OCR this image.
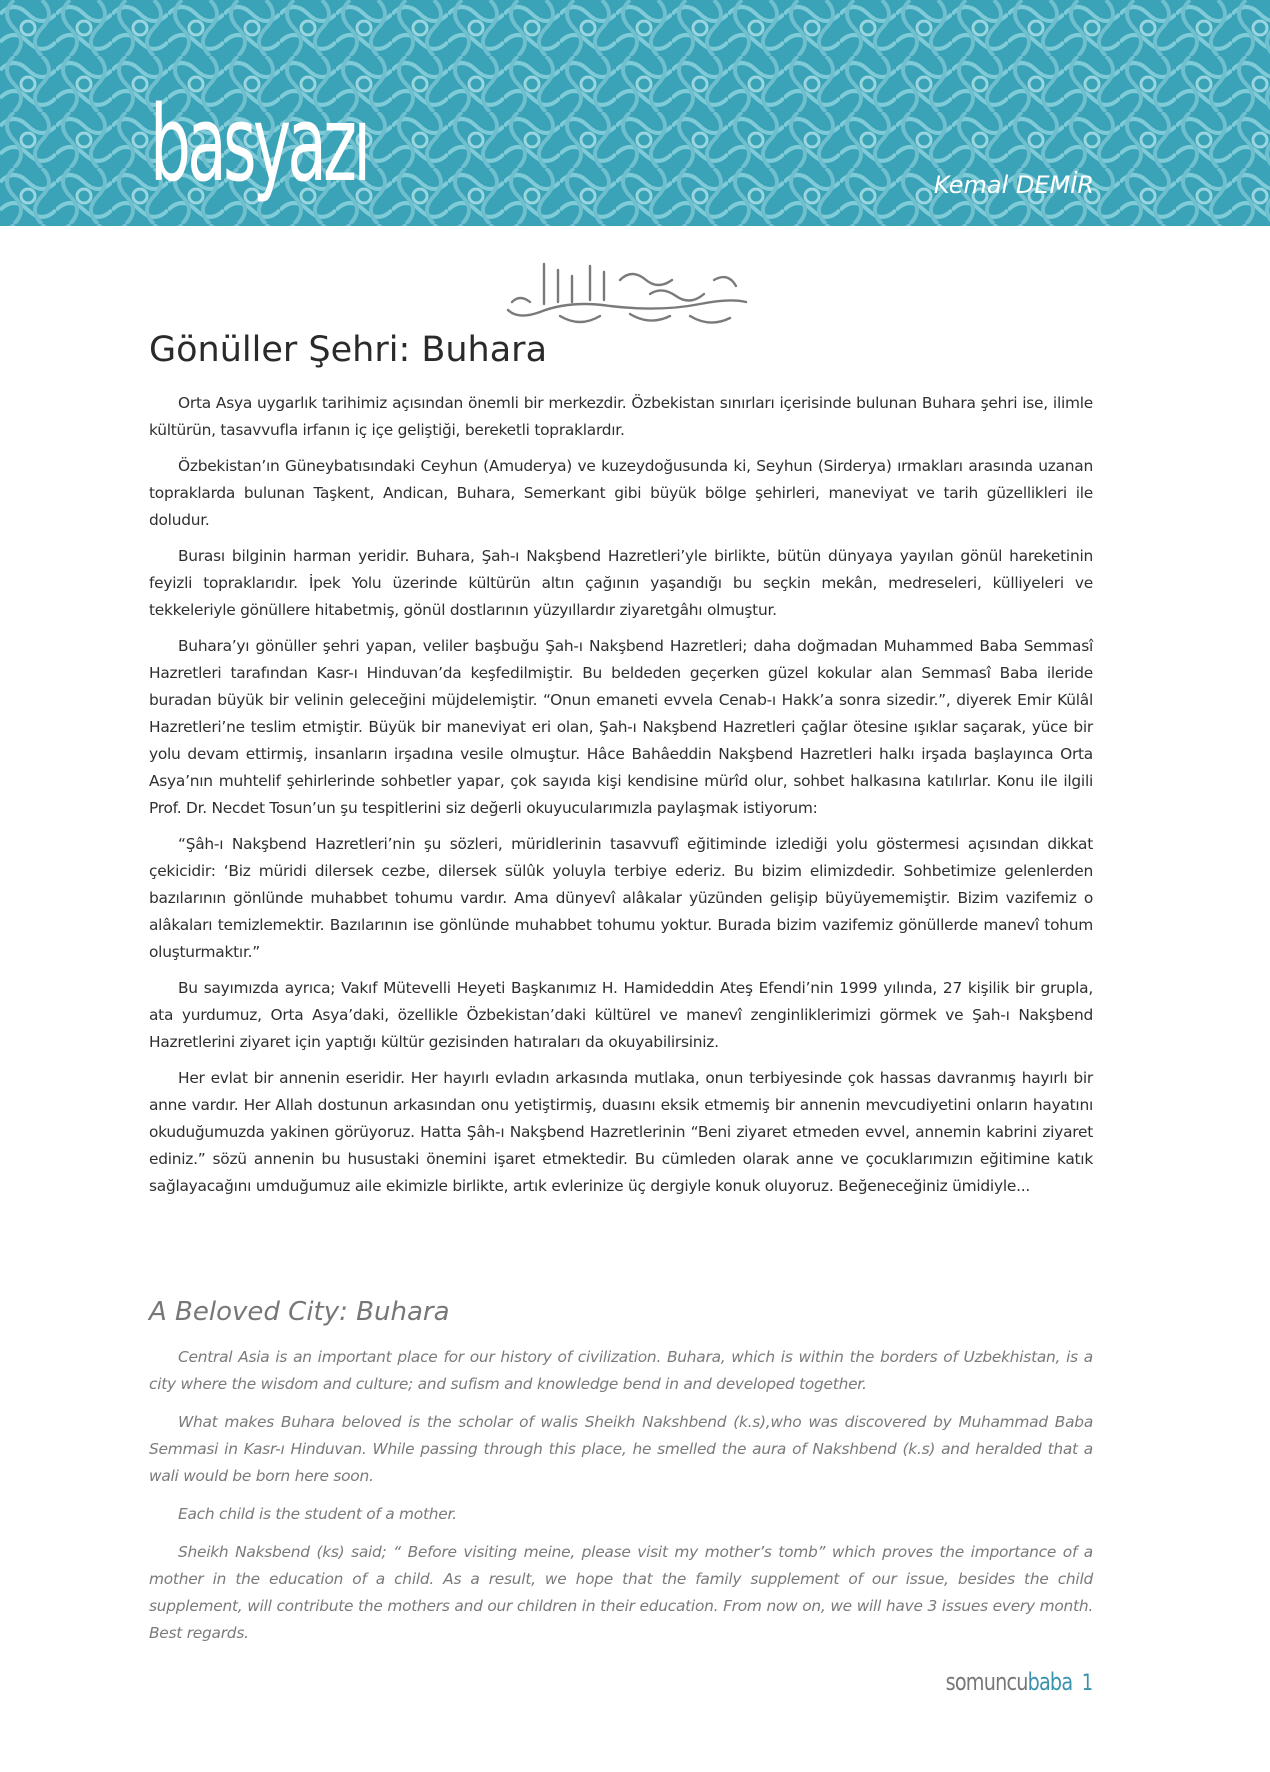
basyazı	Kemal DEMİR
Gönüller Şehri: Buhara

Orta Asya uygarlık tarihimiz açısından önemli bir merkezdir. Özbekistan sınırları içerisinde bulunan Buhara şehri ise, ilimle kültürün, tasavvufla irfanın iç içe geliştiği, bereketli topraklardır.

Özbekistan’ın Güneybatısındaki Ceyhun (Amuderya) ve kuzeydoğusunda ki, Seyhun (Sirderya) ırmakları arasında uzanan topraklarda bulunan Taşkent, Andican, Buhara, Semerkant gibi büyük bölge şehirleri, maneviyat ve tarih güzellikleri ile doludur.

Burası bilginin harman yeridir. Buhara, Şah-ı Nakşbend Hazretleri’yle birlikte, bütün dünyaya yayılan gönül hareketinin feyizli topraklarıdır. İpek Yolu üzerinde kültürün altın çağının yaşandığı bu seçkin mekân, medreseleri, külliyeleri ve tekkeleriyle gönüllere hitabetmiş, gönül dostlarının yüzyıllardır ziyaretgâhı olmuştur.

Buhara’yı gönüller şehri yapan, veliler başbuğu Şah-ı Nakşbend Hazretleri; daha doğmadan Muhammed Baba Semmasî Hazretleri tarafından Kasr-ı Hinduvan’da keşfedilmiştir. Bu beldeden geçerken güzel kokular alan Semmasî Baba ileride buradan büyük bir velinin geleceğini müjdelemiştir. “Onun emaneti evvela Cenab-ı Hakk’a sonra sizedir.”, diyerek Emir Külâl Hazretleri’ne teslim etmiştir. Büyük bir maneviyat eri olan, Şah-ı Nakşbend Hazretleri çağlar ötesine ışıklar saçarak, yüce bir yolu devam ettirmiş, insanların irşadına vesile olmuştur. Hâce Bahâeddin Nakşbend Hazretleri halkı irşada başlayınca Orta Asya’nın muhtelif şehirlerinde sohbetler yapar, çok sayıda kişi kendisine mürîd olur, sohbet halkasına katılırlar. Konu ile ilgili Prof. Dr. Necdet Tosun’un şu tespitlerini siz değerli okuyucularımızla paylaşmak istiyorum:

“Şâh-ı Nakşbend Hazretleri’nin şu sözleri, müridlerinin tasavvufî eğitiminde izlediği yolu göstermesi açısından dikkat çekicidir: ‘Biz müridi dilersek cezbe, dilersek sülûk yoluyla terbiye ederiz. Bu bizim elimizdedir. Sohbetimize gelenlerden bazılarının gönlünde muhabbet tohumu vardır. Ama dünyevî alâkalar yüzünden gelişip büyüyememiştir. Bizim vazifemiz o alâkaları temizlemektir. Bazılarının ise gönlünde muhabbet tohumu yoktur. Burada bizim vazifemiz gönüllerde manevî tohum oluşturmaktır.”

Bu sayımızda ayrıca; Vakıf Mütevelli Heyeti Başkanımız H. Hamideddin Ateş Efendi’nin 1999 yılında, 27 kişilik bir grupla, ata yurdumuz, Orta Asya’daki, özellikle Özbekistan’daki kültürel ve manevî zenginliklerimizi görmek ve Şah-ı Nakşbend Hazretlerini ziyaret için yaptığı kültür gezisinden hatıraları da okuyabilirsiniz.

Her evlat bir annenin eseridir. Her hayırlı evladın arkasında mutlaka, onun terbiyesinde çok hassas davranmış hayırlı bir anne vardır. Her Allah dostunun arkasından onu yetiştirmiş, duasını eksik etmemiş bir annenin mevcudiyetini onların hayatını okuduğumuzda yakinen görüyoruz. Hatta Şâh-ı Nakşbend Hazretlerinin “Beni ziyaret etmeden evvel, annemin kabrini ziyaret ediniz.” sözü annenin bu husustaki önemini işaret etmektedir. Bu cümleden olarak anne ve çocuklarımızın eğitimine katık sağlayacağını umduğumuz aile ekimizle birlikte, artık evlerinize üç dergiyle konuk oluyoruz. Beğeneceğiniz ümidiyle...

A Beloved City: Buhara

Central Asia is an important place for our history of civilization. Buhara, which is within the borders of Uzbekhistan, is a city where the wisdom and culture; and sufism and knowledge bend in and developed together.

What makes Buhara beloved is the scholar of walis Sheikh Nakshbend (k.s),who was discovered by Muhammad Baba Semmasi in Kasr-ı Hinduvan. While passing through this place, he smelled the aura of Nakshbend (k.s) and heralded that a wali would be born here soon.

Each child is the student of a mother.

Sheikh Naksbend (ks) said; “ Before visiting meine, please visit my mother’s tomb” which proves the importance of a mother in the education of a child. As a result, we hope that the family supplement of our issue, besides the child supplement, will contribute the mothers and our children in their education. From now on, we will have 3 issues every month. Best regards.

somuncubaba 1
